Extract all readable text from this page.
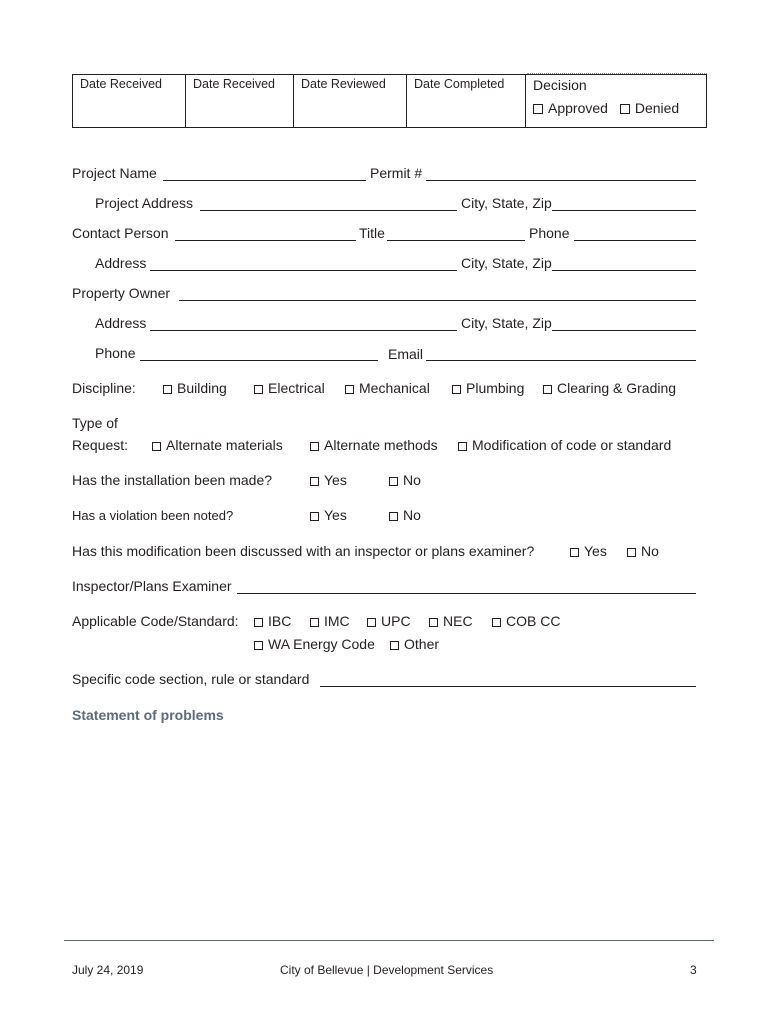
Date Received	Date Received	Date Reviewed	Date Completed	Decision
Approved Denied
Project Name	Permit #
Project Address	City, State, Zip
Contact Person	Title	Phone
Address	City, State, Zip
Property Owner
Address	City, State, Zip
Phone	Email
Discipline:	Building	Electrical	Mechanical	Plumbing	Clearing & Grading
Type of
Request:	Alternate materials	Alternate methods	Modification of code or standard
Has the installation been made?	Yes	No
Has a violation been noted?	Yes	No
Has this modification been discussed with an inspector or plans examiner?	Yes	No
Inspector/Plans Examiner
Applicable Code/Standard:	IBC	IMC	UPC	NEC	COB CC
WA Energy Code	Other
Specific code section, rule or standard
Statement of problems
July 24, 2019	City of Bellevue | Development Services	3
